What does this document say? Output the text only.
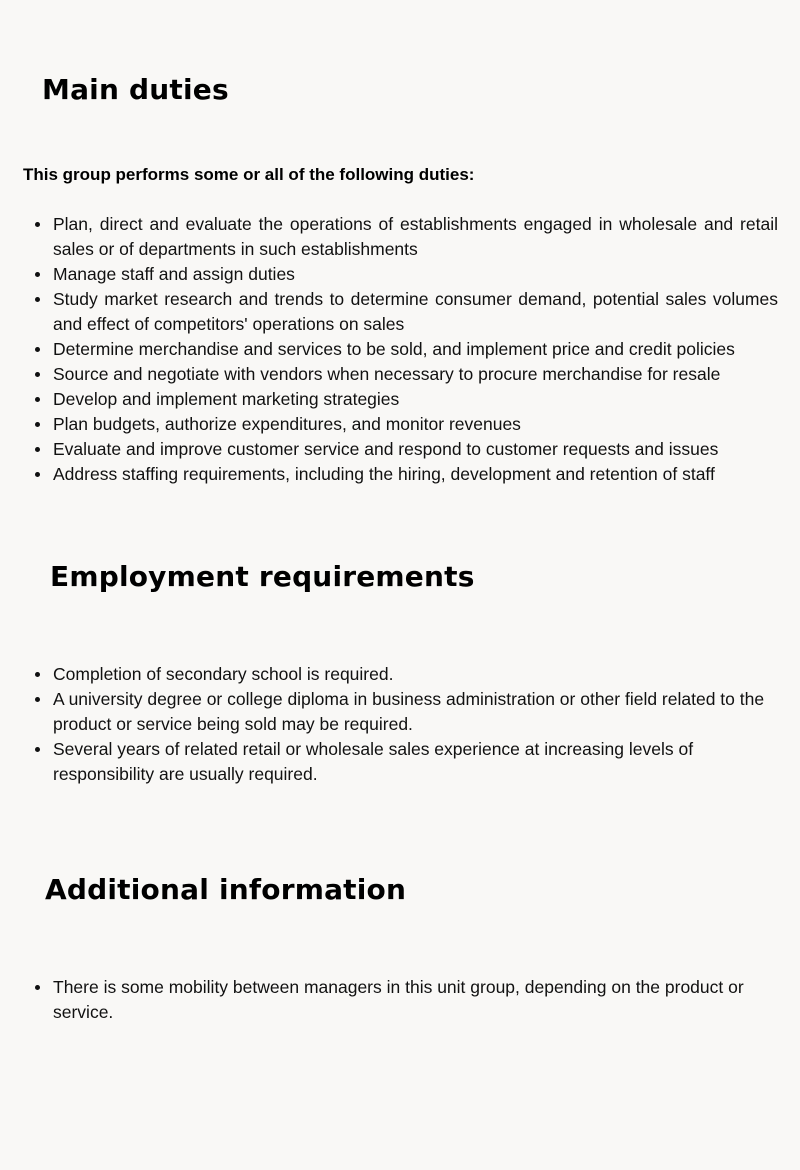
Main duties

This group performs some or all of the following duties:

Plan, direct and evaluate the operations of establishments engaged in wholesale and retail sales or of departments in such establishments
Manage staff and assign duties
Study market research and trends to determine consumer demand, potential sales volumes and effect of competitors' operations on sales
Determine merchandise and services to be sold, and implement price and credit policies
Source and negotiate with vendors when necessary to procure merchandise for resale
Develop and implement marketing strategies
Plan budgets, authorize expenditures, and monitor revenues
Evaluate and improve customer service and respond to customer requests and issues
Address staffing requirements, including the hiring, development and retention of staff
Employment requirements
Completion of secondary school is required.
A university degree or college diploma in business administration or other field related to the product or service being sold may be required.
Several years of related retail or wholesale sales experience at increasing levels of responsibility are usually required.
Additional information
There is some mobility between managers in this unit group, depending on the product or service.
